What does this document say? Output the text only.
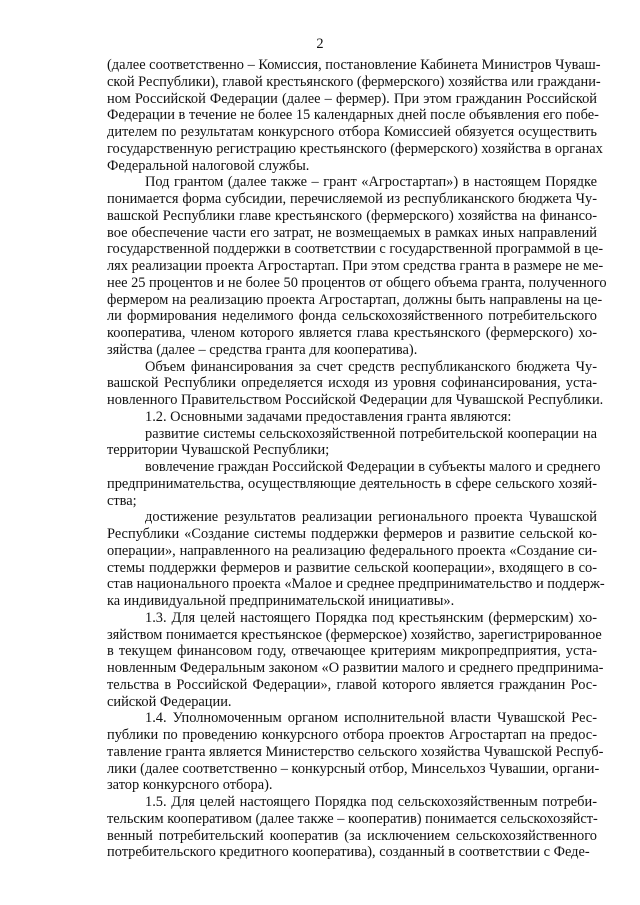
2
(далее соответственно – Комиссия, постановление Кабинета Министров Чуваш-
ской Республики), главой крестьянского (фермерского) хозяйства или граждани-
ном Российской Федерации (далее – фермер). При этом гражданин Российской
Федерации в течение не более 15 календарных дней после объявления его побе-
дителем по результатам конкурсного отбора Комиссией обязуется осуществить
государственную регистрацию крестьянского (фермерского) хозяйства в органах
Федеральной налоговой службы.
Под грантом (далее также – грант «Агростартап») в настоящем Порядке
понимается форма субсидии, перечисляемой из республиканского бюджета Чу-
вашской Республики главе крестьянского (фермерского) хозяйства на финансо-
вое обеспечение части его затрат, не возмещаемых в рамках иных направлений
государственной поддержки в соответствии с государственной программой в це-
лях реализации проекта Агростартап. При этом средства гранта в размере не ме-
нее 25 процентов и не более 50 процентов от общего объема гранта, полученного
фермером на реализацию проекта Агростартап, должны быть направлены на це-
ли формирования неделимого фонда сельскохозяйственного потребительского
кооператива, членом которого является глава крестьянского (фермерского) хо-
зяйства (далее – средства гранта для кооператива).
Объем финансирования за счет средств республиканского бюджета Чу-
вашской Республики определяется исходя из уровня софинансирования, уста-
новленного Правительством Российской Федерации для Чувашской Республики.
1.2. Основными задачами предоставления гранта являются:
развитие системы сельскохозяйственной потребительской кооперации на
территории Чувашской Республики;
вовлечение граждан Российской Федерации в субъекты малого и среднего
предпринимательства, осуществляющие деятельность в сфере сельского хозяй-
ства;
достижение результатов реализации регионального проекта Чувашской
Республики «Создание системы поддержки фермеров и развитие сельской ко-
операции», направленного на реализацию федерального проекта «Создание си-
стемы поддержки фермеров и развитие сельской кооперации», входящего в со-
став национального проекта «Малое и среднее предпринимательство и поддерж-
ка индивидуальной предпринимательской инициативы».
1.3. Для целей настоящего Порядка под крестьянским (фермерским) хо-
зяйством понимается крестьянское (фермерское) хозяйство, зарегистрированное
в текущем финансовом году, отвечающее критериям микропредприятия, уста-
новленным Федеральным законом «О развитии малого и среднего предпринима-
тельства в Российской Федерации», главой которого является гражданин Рос-
сийской Федерации.
1.4. Уполномоченным органом исполнительной власти Чувашской Рес-
публики по проведению конкурсного отбора проектов Агростартап на предос-
тавление гранта является Министерство сельского хозяйства Чувашской Респуб-
лики (далее соответственно – конкурсный отбор, Минсельхоз Чувашии, органи-
затор конкурсного отбора).
1.5. Для целей настоящего Порядка под сельскохозяйственным потреби-
тельским кооперативом (далее также – кооператив) понимается сельскохозяйст-
венный потребительский кооператив (за исключением сельскохозяйственного
потребительского кредитного кооператива), созданный в соответствии с Феде-
